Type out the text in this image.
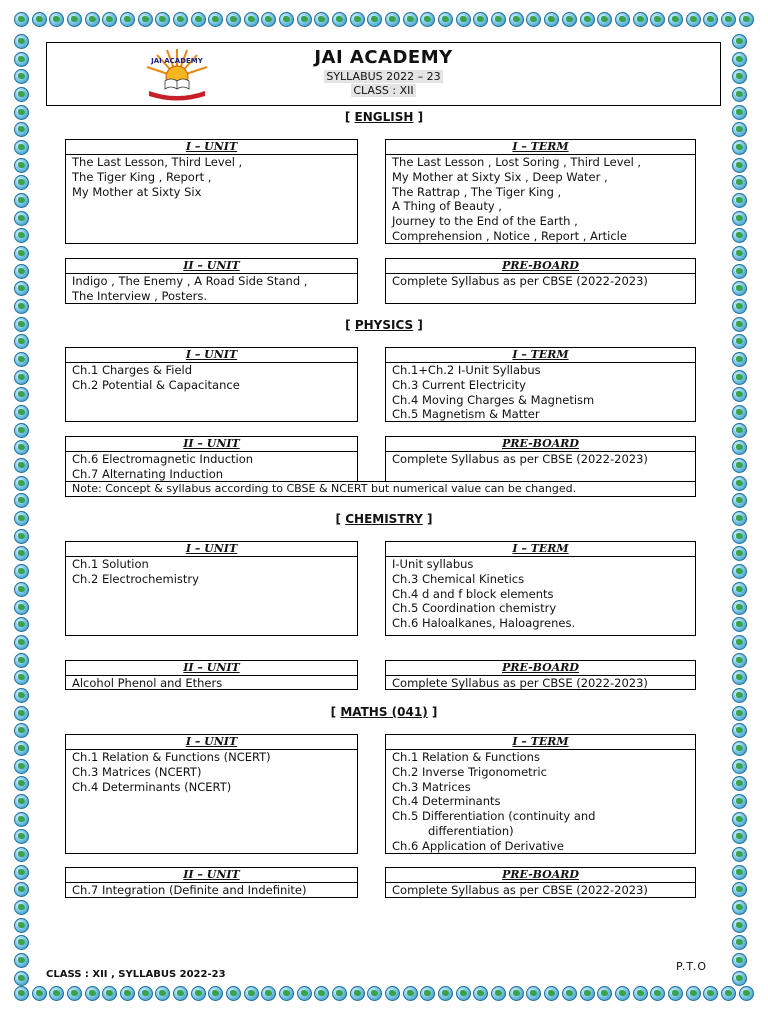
JAI ACADEMY	JAI ACADEMY
SYLLABUS 2022 – 23
CLASS : XII
[ ENGLISH ]
I – UNIT
The Last Lesson, Third Level ,
The Tiger King , Report ,
My Mother at Sixty Six
I – TERM
The Last Lesson , Lost Soring , Third Level ,
My Mother at Sixty Six , Deep Water ,
The Rattrap , The Tiger King ,
A Thing of Beauty ,
Journey to the End of the Earth ,
Comprehension , Notice , Report , Article
II – UNIT
Indigo , The Enemy , A Road Side Stand ,
The Interview , Posters.
PRE-BOARD
Complete Syllabus as per CBSE (2022-2023)
[ PHYSICS ]
I – UNIT
Ch.1 Charges & Field
Ch.2 Potential & Capacitance
I – TERM
Ch.1+Ch.2 I-Unit Syllabus
Ch.3 Current Electricity
Ch.4 Moving Charges & Magnetism
Ch.5 Magnetism & Matter
II – UNIT
Ch.6 Electromagnetic Induction
Ch.7 Alternating Induction
PRE-BOARD
Complete Syllabus as per CBSE (2022-2023)
Note: Concept & syllabus according to CBSE & NCERT but numerical value can be changed.
[ CHEMISTRY ]
I – UNIT
Ch.1 Solution
Ch.2 Electrochemistry
I – TERM
I-Unit syllabus
Ch.3 Chemical Kinetics
Ch.4 d and f block elements
Ch.5 Coordination chemistry
Ch.6 Haloalkanes, Haloagrenes.
II – UNIT
Alcohol Phenol and Ethers
PRE-BOARD
Complete Syllabus as per CBSE (2022-2023)
[ MATHS (041) ]
I – UNIT
Ch.1 Relation & Functions (NCERT)
Ch.3 Matrices (NCERT)
Ch.4 Determinants (NCERT)
I – TERM
Ch.1 Relation & Functions
Ch.2 Inverse Trigonometric
Ch.3 Matrices
Ch.4 Determinants
Ch.5 Differentiation (continuity and
differentiation)
Ch.6 Application of Derivative
II – UNIT
Ch.7 Integration (Definite and Indefinite)
PRE-BOARD
Complete Syllabus as per CBSE (2022-2023)
P.T.O
CLASS : XII , SYLLABUS 2022-23
